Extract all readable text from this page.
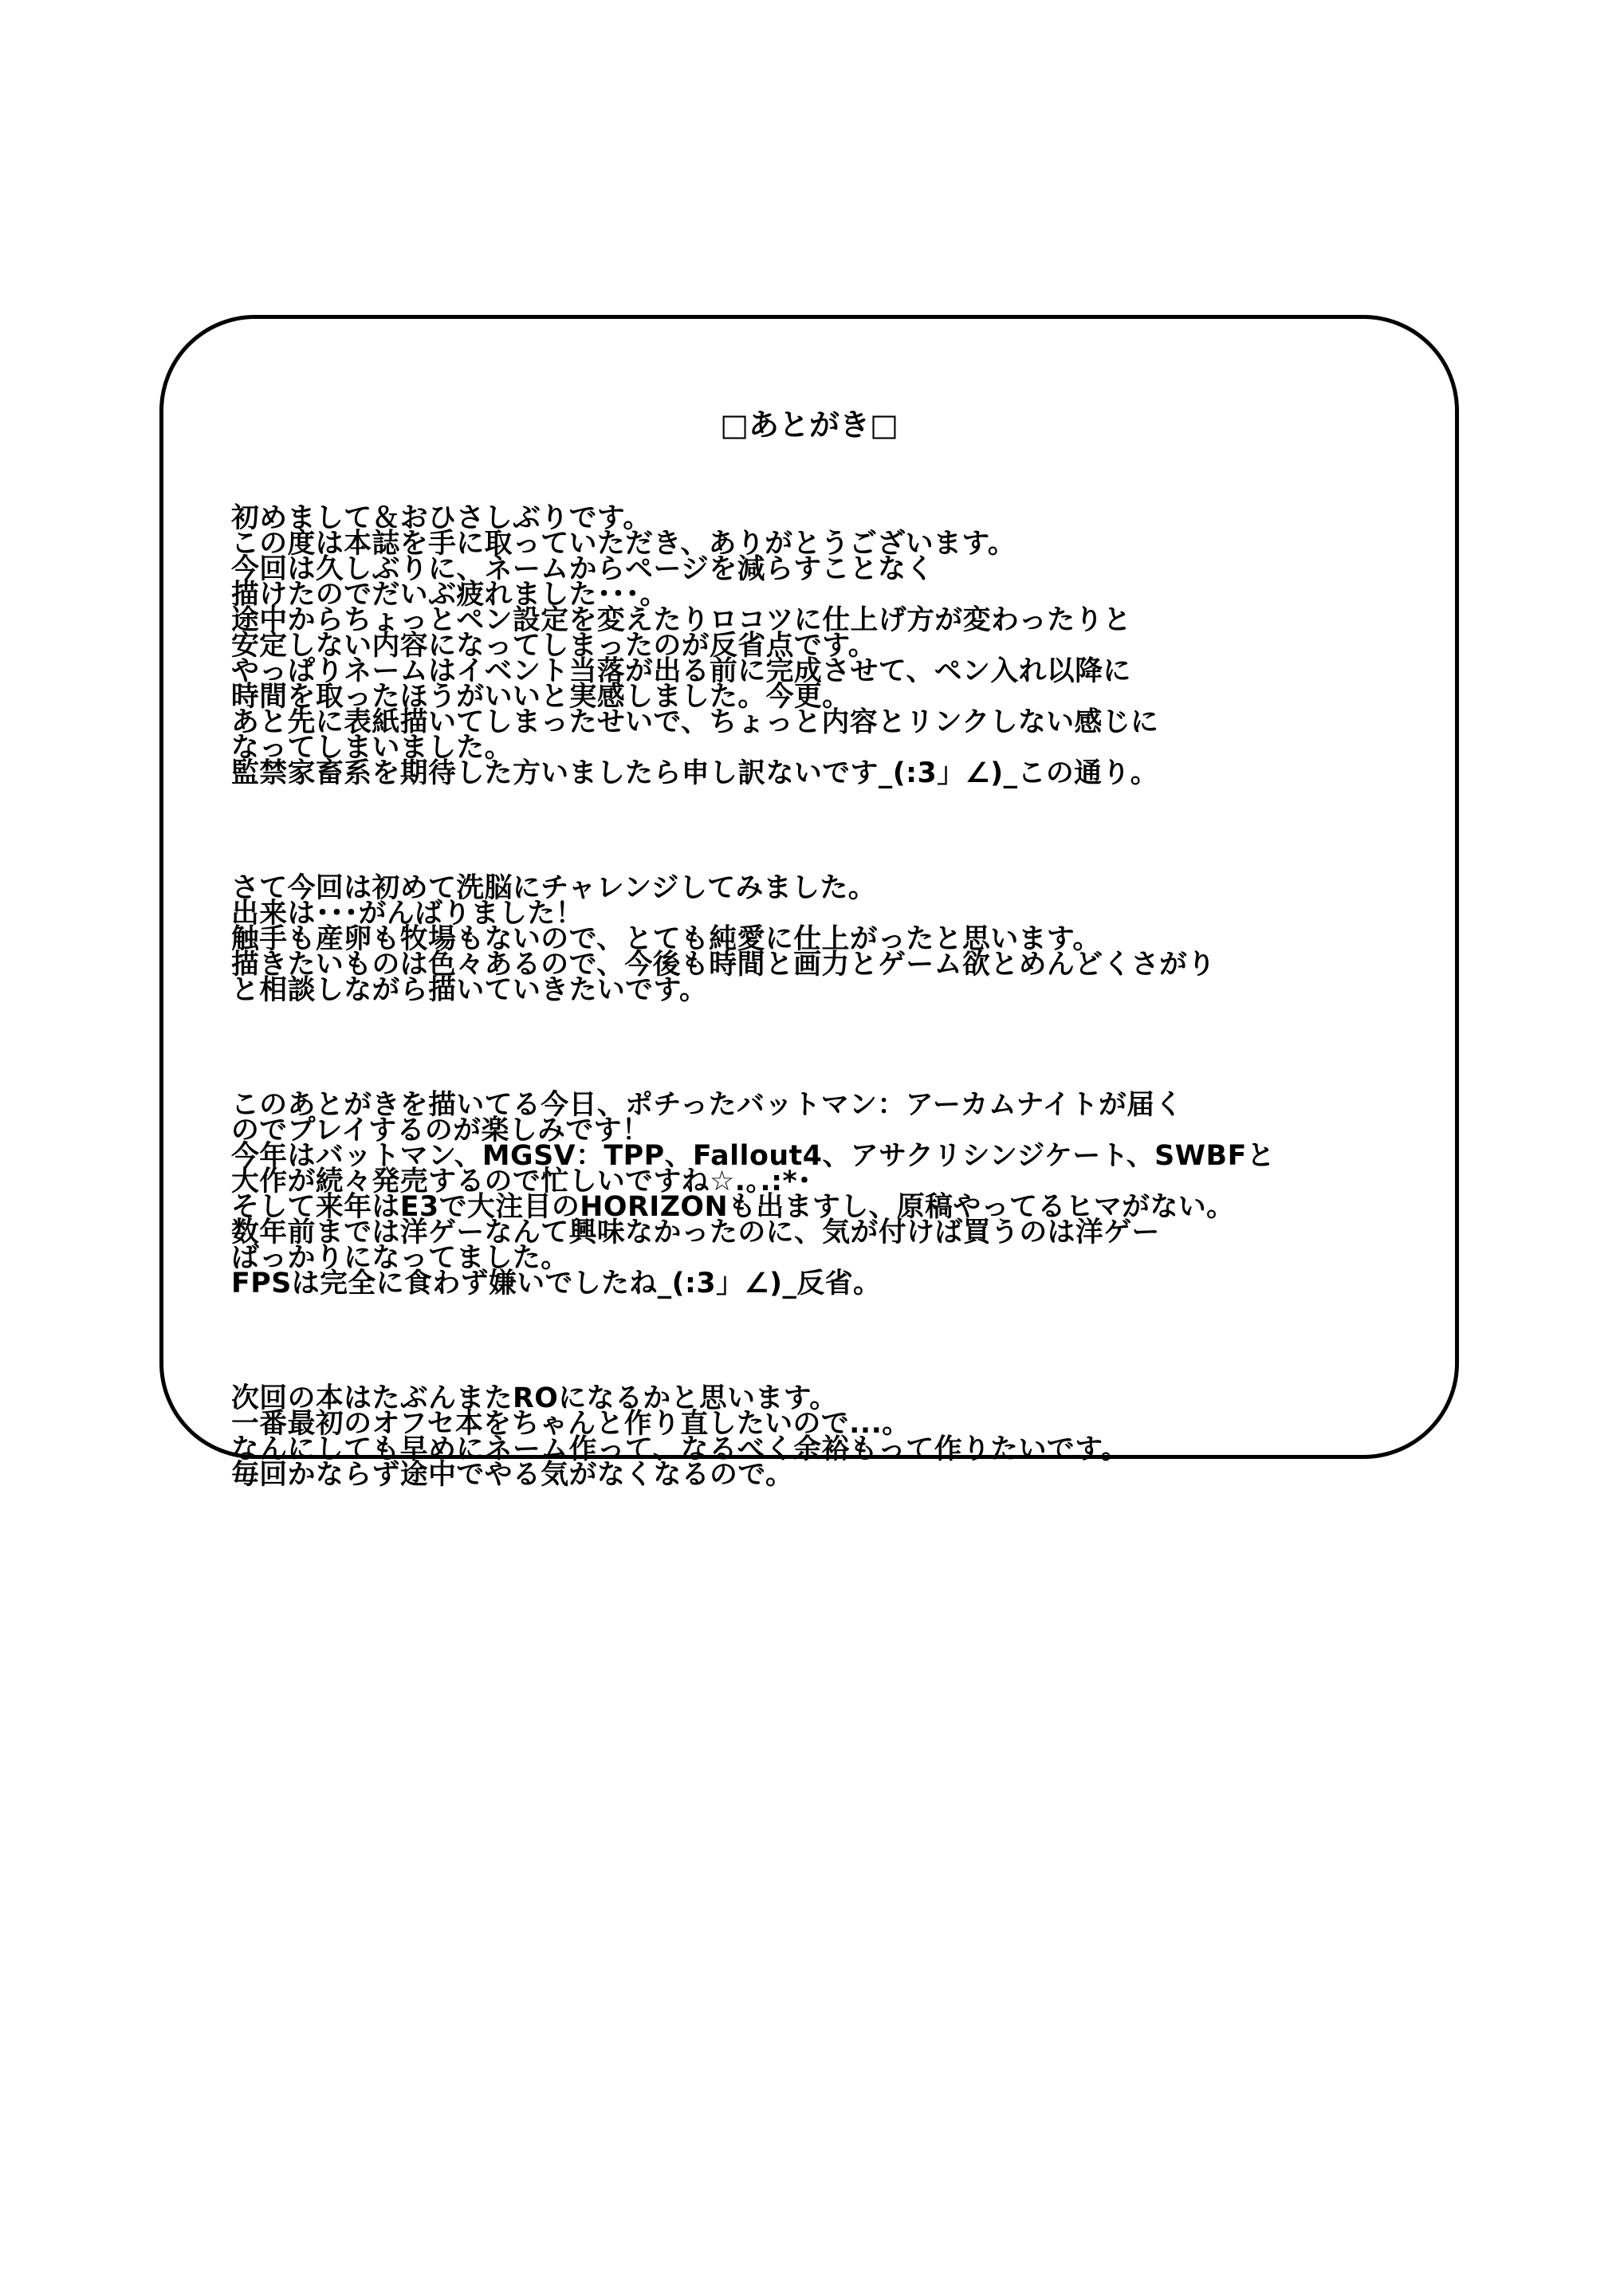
□あとがき□
初めまして＆おひさしぶりです。
この度は本誌を手に取っていただき、ありがとうございます。
今回は久しぶりに、ネームからページを減らすことなく
描けたのでだいぶ疲れました･･･。
途中からちょっとペン設定を変えたりロコツに仕上げ方が変わったりと
安定しない内容になってしまったのが反省点です。
やっぱりネームはイベント当落が出る前に完成させて、ペン入れ以降に
時間を取ったほうがいいと実感しました。今更。
あと先に表紙描いてしまったせいで、ちょっと内容とリンクしない感じに
なってしまいました。
監禁家畜系を期待した方いましたら申し訳ないです_(:3」∠)_この通り。
さて今回は初めて洗脳にチャレンジしてみました。
出来は･･･がんばりました！
触手も産卵も牧場もないので、とても純愛に仕上がったと思います。
描きたいものは色々あるので、今後も時間と画力とゲーム欲とめんどくさがり
と相談しながら描いていきたいです。
このあとがきを描いてる今日、ポチったバットマン：アーカムナイトが届く
のでプレイするのが楽しみです！
今年はバットマン、MGSV：TPP、Fallout4、アサクリシンジケート、SWBFと
大作が続々発売するので忙しいですね☆.｡.:*･
そして来年はE3で大注目のHORIZONも出ますし、原稿やってるヒマがない。
数年前までは洋ゲーなんて興味なかったのに、気が付けば買うのは洋ゲー
ばっかりになってました。
FPSは完全に食わず嫌いでしたね_(:3」∠)_反省。
次回の本はたぶんまたROになるかと思います。
一番最初のオフセ本をちゃんと作り直したいので...。
なんにしても早めにネーム作って、なるべく余裕もって作りたいです。
毎回かならず途中でやる気がなくなるので。
